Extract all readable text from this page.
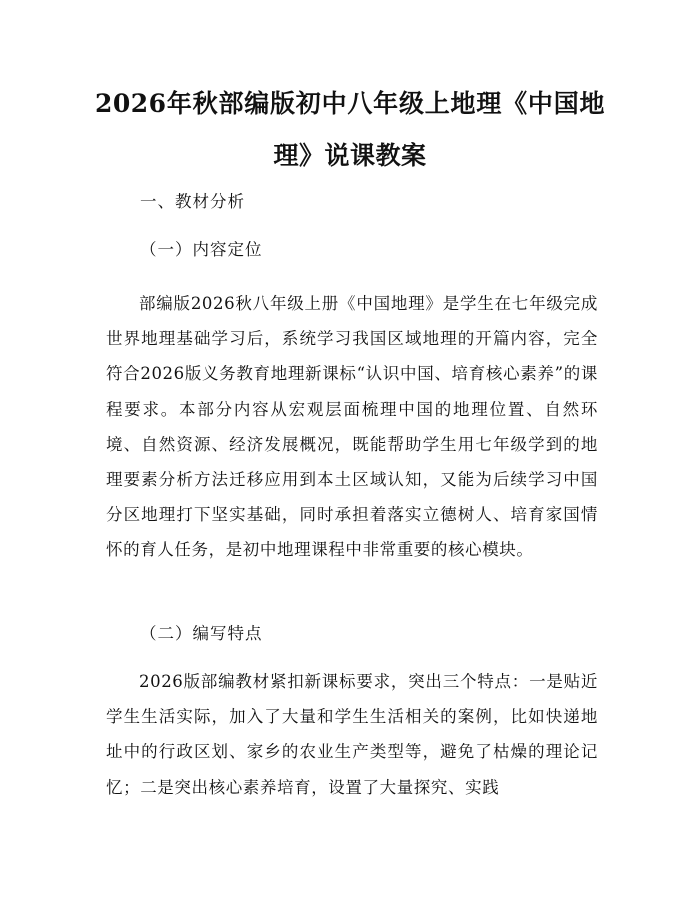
2026年秋部编版初中八年级上地理《中国地理》说课教案
一、教材分析
（一）内容定位

部编版2026秋八年级上册《中国地理》是学生在七年级完成世界地理基础学习后，系统学习我国区域地理的开篇内容，完全符合2026版义务教育地理新课标“认识中国、培育核心素养”的课程要求。本部分内容从宏观层面梳理中国的地理位置、自然环境、自然资源、经济发展概况，既能帮助学生用七年级学到的地理要素分析方法迁移应用到本土区域认知，又能为后续学习中国分区地理打下坚实基础，同时承担着落实立德树人、培育家国情怀的育人任务，是初中地理课程中非常重要的核心模块。

（二）编写特点

2026版部编教材紧扣新课标要求，突出三个特点：一是贴近学生生活实际，加入了大量和学生生活相关的案例，比如快递地址中的行政区划、家乡的农业生产类型等，避免了枯燥的理论记忆；二是突出核心素养培育，设置了大量探究、实践
